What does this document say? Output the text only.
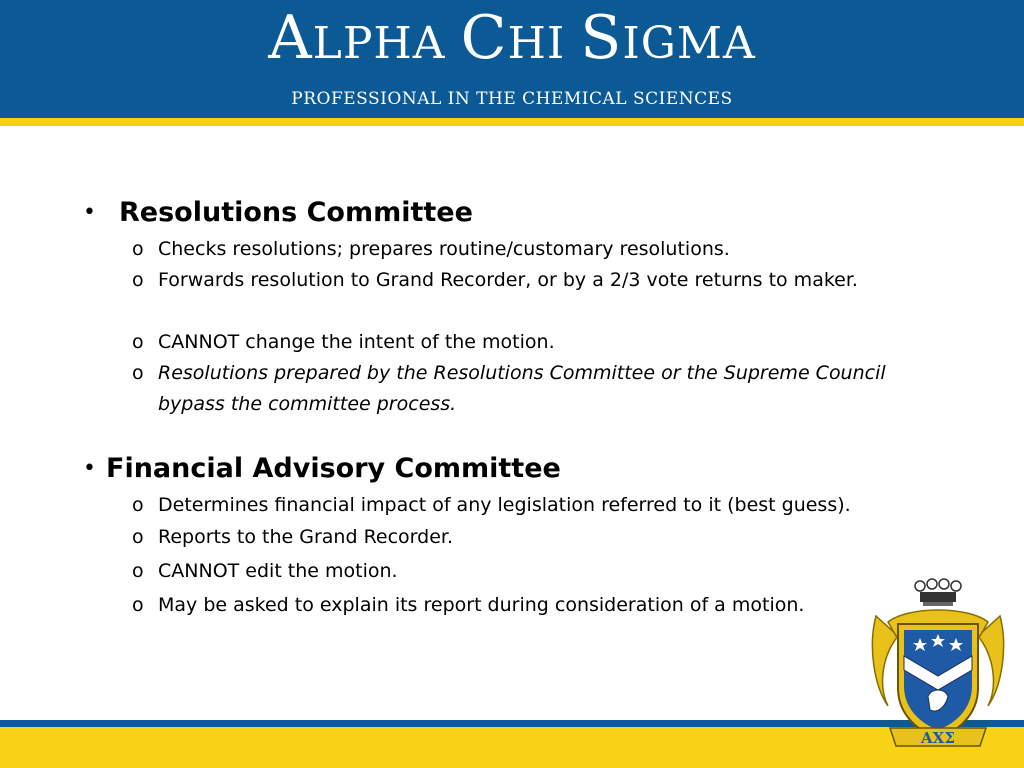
ALPHA CHI SIGMA
PROFESSIONAL IN THE CHEMICAL SCIENCES
• Resolutions Committee
o Checks resolutions; prepares routine/customary resolutions.
o Forwards resolution to Grand Recorder, or by a 2/3 vote returns to maker.
o CANNOT change the intent of the motion.
o Resolutions prepared by the Resolutions Committee or the Supreme Council bypass the committee process.
• Financial Advisory Committee
o Determines financial impact of any legislation referred to it (best guess).
o Reports to the Grand Recorder.
o CANNOT edit the motion.
o May be asked to explain its report during consideration of a motion.
ΑΧΣ
